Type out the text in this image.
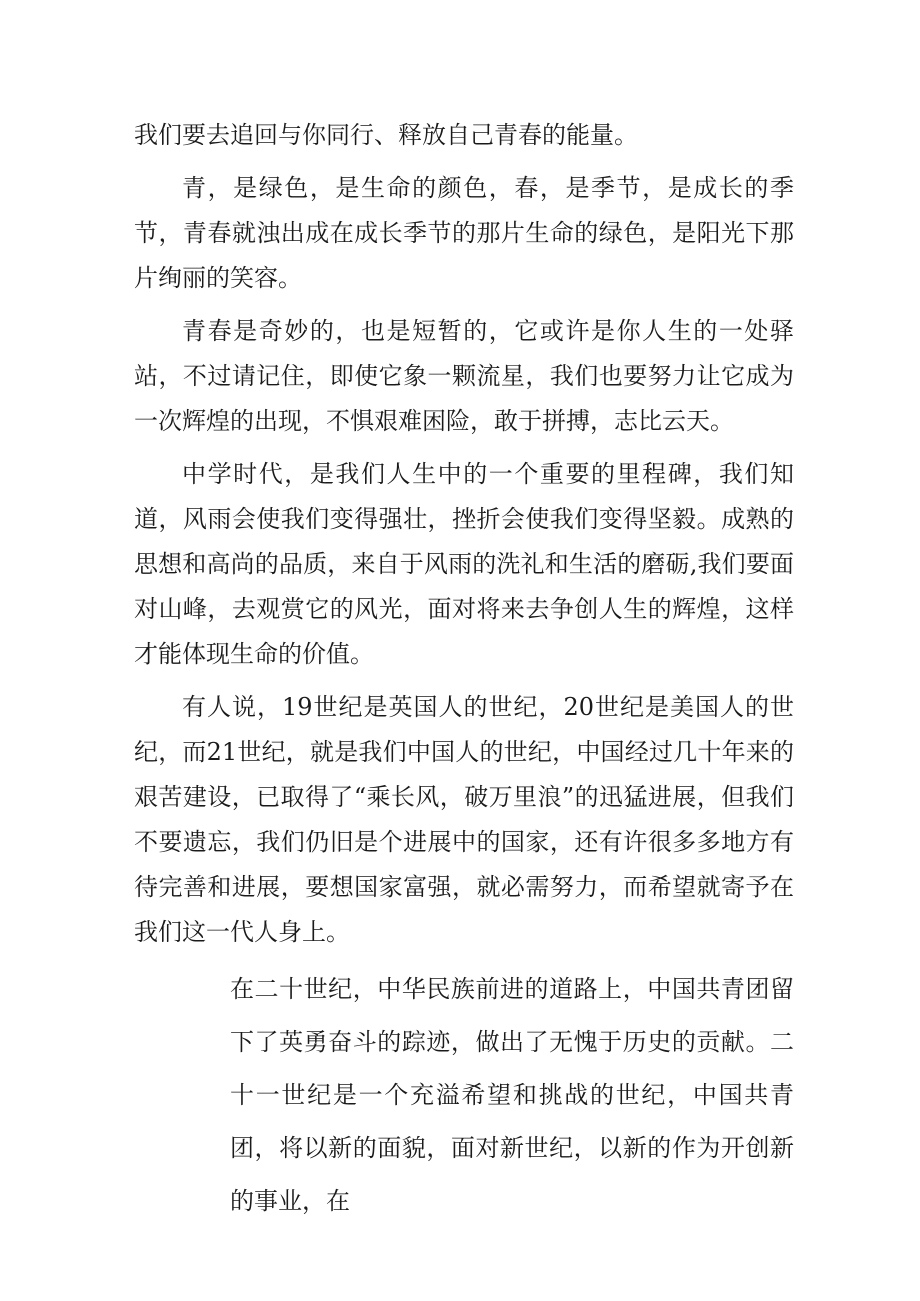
我们要去追回与你同行、释放自己青春的能量。

青，是绿色，是生命的颜色，春，是季节，是成长的季节，青春就浊出成在成长季节的那片生命的绿色，是阳光下那片绚丽的笑容。

青春是奇妙的，也是短暂的，它或许是你人生的一处驿站，不过请记住，即使它象一颗流星，我们也要努力让它成为一次辉煌的出现，不惧艰难困险，敢于拼搏，志比云天。

中学时代，是我们人生中的一个重要的里程碑，我们知道，风雨会使我们变得强壮，挫折会使我们变得坚毅。成熟的思想和高尚的品质，来自于风雨的洗礼和生活的磨砺,我们要面对山峰，去观赏它的风光，面对将来去争创人生的辉煌，这样才能体现生命的价值。

有人说，19世纪是英国人的世纪，20世纪是美国人的世纪，而21世纪，就是我们中国人的世纪，中国经过几十年来的艰苦建设，已取得了“乘长风，破万里浪”的迅猛进展，但我们不要遗忘，我们仍旧是个进展中的国家，还有许很多多地方有待完善和进展，要想国家富强，就必需努力，而希望就寄予在我们这一代人身上。

在二十世纪，中华民族前进的道路上，中国共青团留下了英勇奋斗的踪迹，做出了无愧于历史的贡献。二十一世纪是一个充溢希望和挑战的世纪，中国共青团，将以新的面貌，面对新世纪，以新的作为开创新的事业，在
